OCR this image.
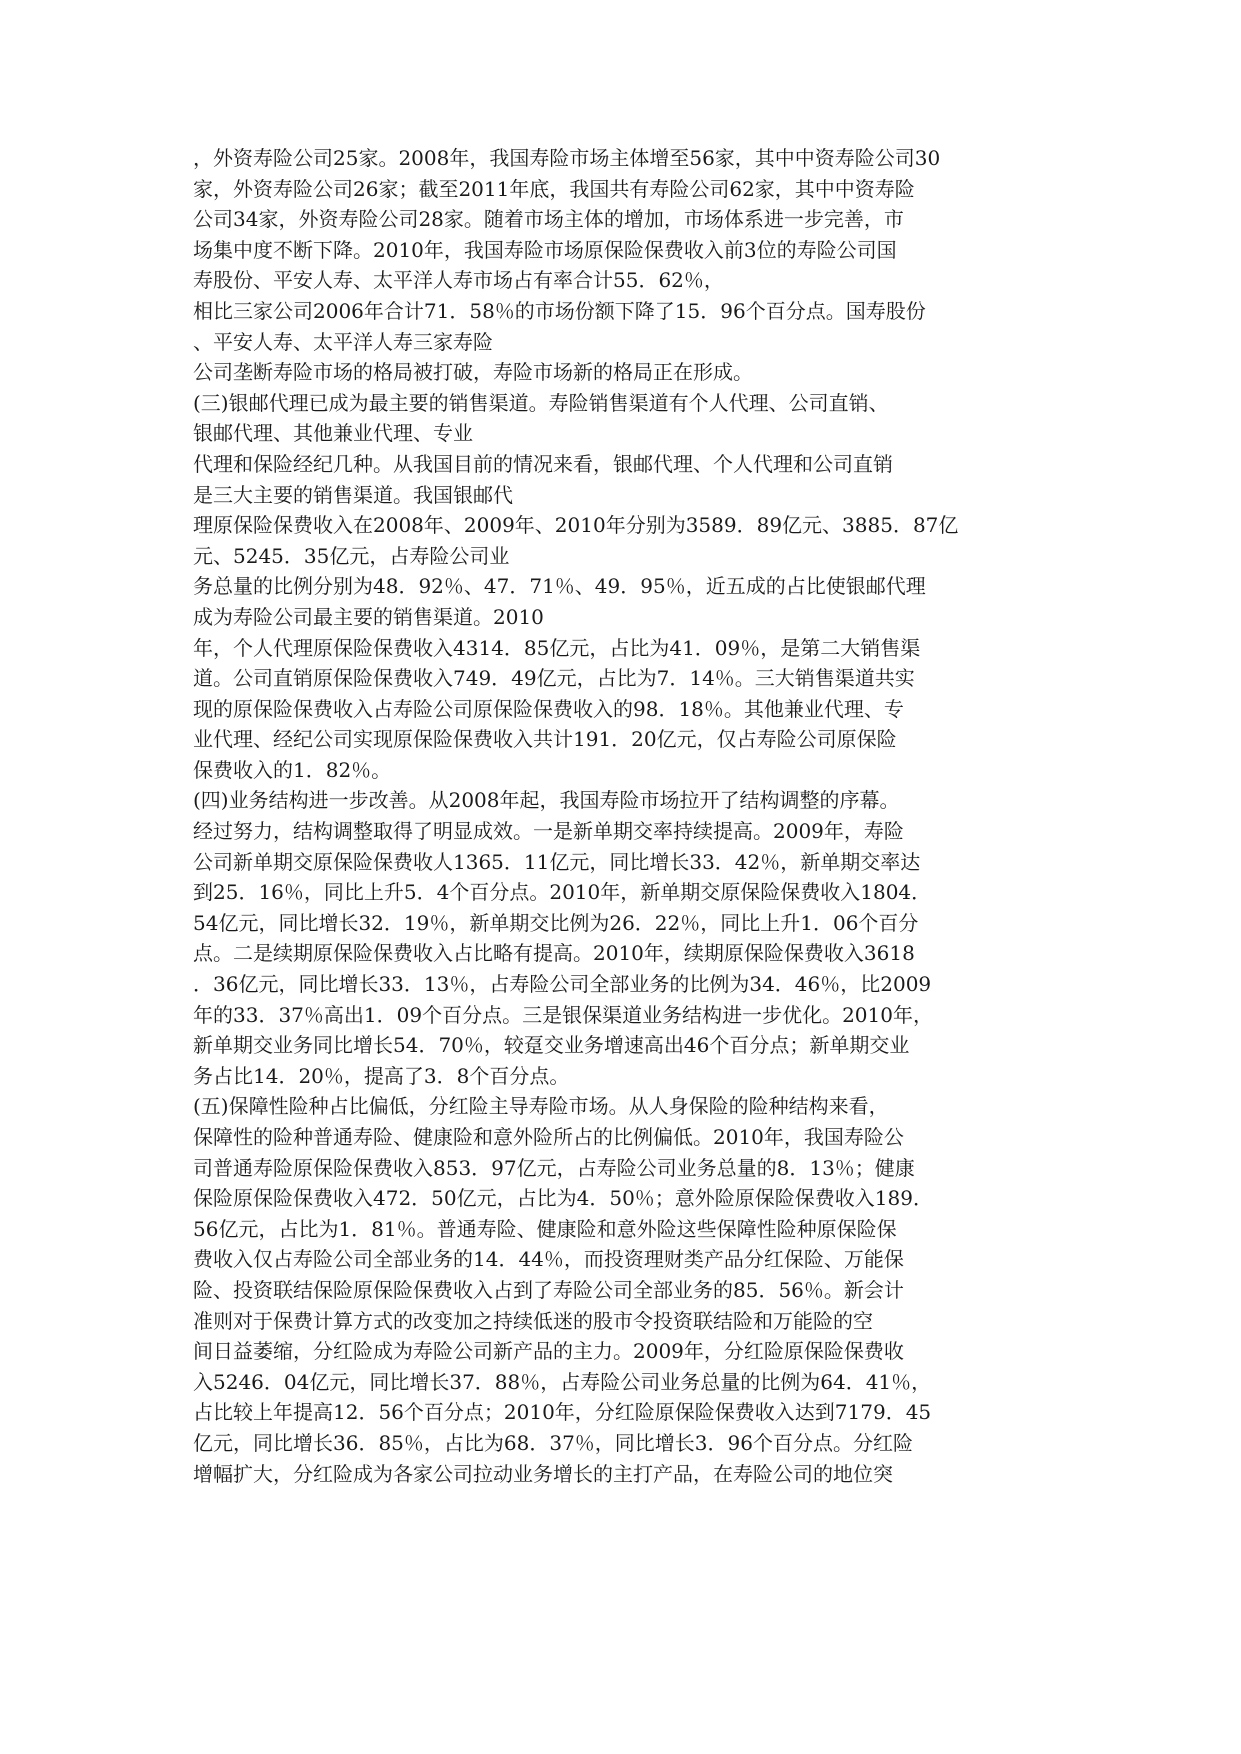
，外资寿险公司25家。2008年，我国寿险市场主体增至56家，其中中资寿险公司30
家，外资寿险公司26家；截至2011年底，我国共有寿险公司62家，其中中资寿险
公司34家，外资寿险公司28家。随着市场主体的增加，市场体系进一步完善，市
场集中度不断下降。2010年，我国寿险市场原保险保费收入前3位的寿险公司国
寿股份、平安人寿、太平洋人寿市场占有率合计55．62％，
相比三家公司2006年合计71．58％的市场份额下降了15．96个百分点。国寿股份
、平安人寿、太平洋人寿三家寿险
公司垄断寿险市场的格局被打破，寿险市场新的格局正在形成。
(三)银邮代理已成为最主要的销售渠道。寿险销售渠道有个人代理、公司直销、
银邮代理、其他兼业代理、专业
代理和保险经纪几种。从我国目前的情况来看，银邮代理、个人代理和公司直销
是三大主要的销售渠道。我国银邮代
理原保险保费收入在2008年、2009年、2010年分别为3589．89亿元、3885．87亿
元、5245．35亿元，占寿险公司业
务总量的比例分别为48．92％、47．71％、49．95％，近五成的占比使银邮代理
成为寿险公司最主要的销售渠道。2010
年，个人代理原保险保费收入4314．85亿元，占比为41．09％，是第二大销售渠
道。公司直销原保险保费收入749．49亿元，占比为7．14％。三大销售渠道共实
现的原保险保费收入占寿险公司原保险保费收入的98．18％。其他兼业代理、专
业代理、经纪公司实现原保险保费收入共计191．20亿元，仅占寿险公司原保险
保费收入的1．82％。
(四)业务结构进一步改善。从2008年起，我国寿险市场拉开了结构调整的序幕。
经过努力，结构调整取得了明显成效。一是新单期交率持续提高。2009年，寿险
公司新单期交原保险保费收人1365．11亿元，同比增长33．42％，新单期交率达
到25．16％，同比上升5．4个百分点。2010年，新单期交原保险保费收入1804．
54亿元，同比增长32．19％，新单期交比例为26．22％，同比上升1．06个百分
点。二是续期原保险保费收入占比略有提高。2010年，续期原保险保费收入3618
．36亿元，同比增长33．13％，占寿险公司全部业务的比例为34．46％，比2009
年的33．37％高出1．09个百分点。三是银保渠道业务结构进一步优化。2010年，
新单期交业务同比增长54．70％，较趸交业务增速高出46个百分点；新单期交业
务占比14．20％，提高了3．8个百分点。
(五)保障性险种占比偏低，分红险主导寿险市场。从人身保险的险种结构来看，
保障性的险种普通寿险、健康险和意外险所占的比例偏低。2010年，我国寿险公
司普通寿险原保险保费收入853．97亿元，占寿险公司业务总量的8．13％；健康
保险原保险保费收入472．50亿元，占比为4．50％；意外险原保险保费收入189．
56亿元，占比为1．81％。普通寿险、健康险和意外险这些保障性险种原保险保
费收入仅占寿险公司全部业务的14．44％，而投资理财类产品分红保险、万能保
险、投资联结保险原保险保费收入占到了寿险公司全部业务的85．56％。新会计
准则对于保费计算方式的改变加之持续低迷的股市令投资联结险和万能险的空
间日益萎缩，分红险成为寿险公司新产品的主力。2009年，分红险原保险保费收
入5246．04亿元，同比增长37．88％，占寿险公司业务总量的比例为64．41％，
占比较上年提高12．56个百分点；2010年，分红险原保险保费收入达到7179．45
亿元，同比增长36．85％，占比为68．37％，同比增长3．96个百分点。分红险
增幅扩大，分红险成为各家公司拉动业务增长的主打产品，在寿险公司的地位突
